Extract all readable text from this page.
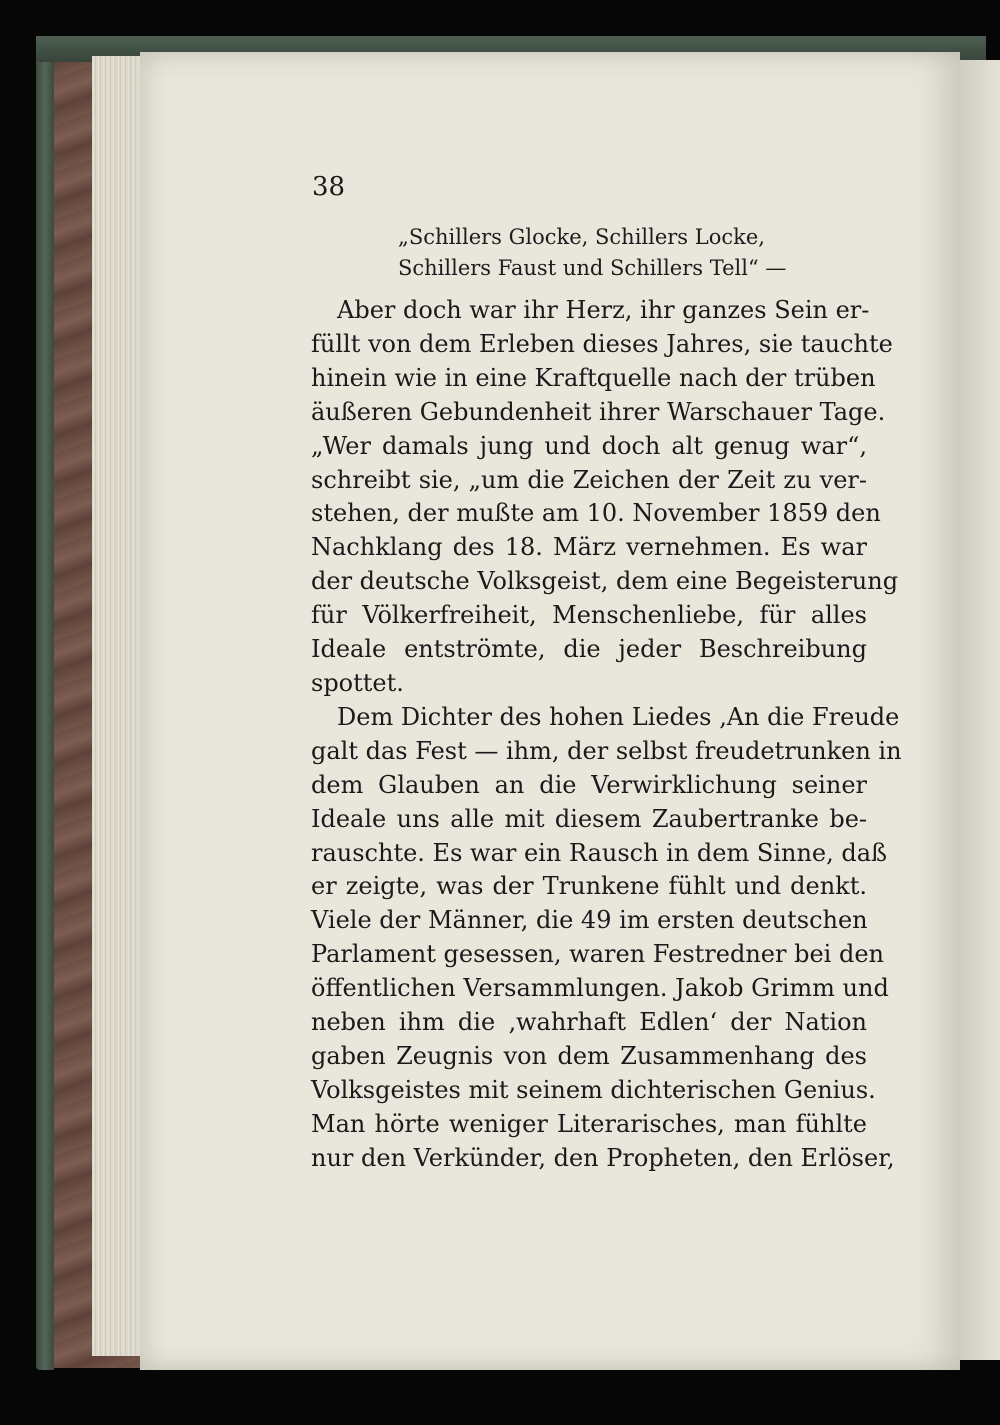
38

„Schillers Glocke, Schillers Locke,
Schillers Faust und Schillers Tell“ —

Aber doch war ihr Herz, ihr ganzes Sein er-
füllt von dem Erleben dieses Jahres, sie tauchte
hinein wie in eine Kraftquelle nach der trüben
äußeren Gebundenheit ihrer Warschauer Tage.
„Wer damals jung und doch alt genug war“,
schreibt sie, „um die Zeichen der Zeit zu ver-
stehen, der mußte am 10. November 1859 den
Nachklang des 18. März vernehmen. Es war
der deutsche Volksgeist, dem eine Begeisterung
für Völkerfreiheit, Menschenliebe, für alles
Ideale entströmte, die jeder Beschreibung
spottet.
Dem Dichter des hohen Liedes ‚An die Freude
galt das Fest — ihm, der selbst freudetrunken in
dem Glauben an die Verwirklichung seiner
Ideale uns alle mit diesem Zaubertranke be-
rauschte. Es war ein Rausch in dem Sinne, daß
er zeigte, was der Trunkene fühlt und denkt.
Viele der Männer, die 49 im ersten deutschen
Parlament gesessen, waren Festredner bei den
öffentlichen Versammlungen. Jakob Grimm und
neben ihm die ‚wahrhaft Edlen‘ der Nation
gaben Zeugnis von dem Zusammenhang des
Volksgeistes mit seinem dichterischen Genius.
Man hörte weniger Literarisches, man fühlte
nur den Verkünder, den Propheten, den Erlöser,
